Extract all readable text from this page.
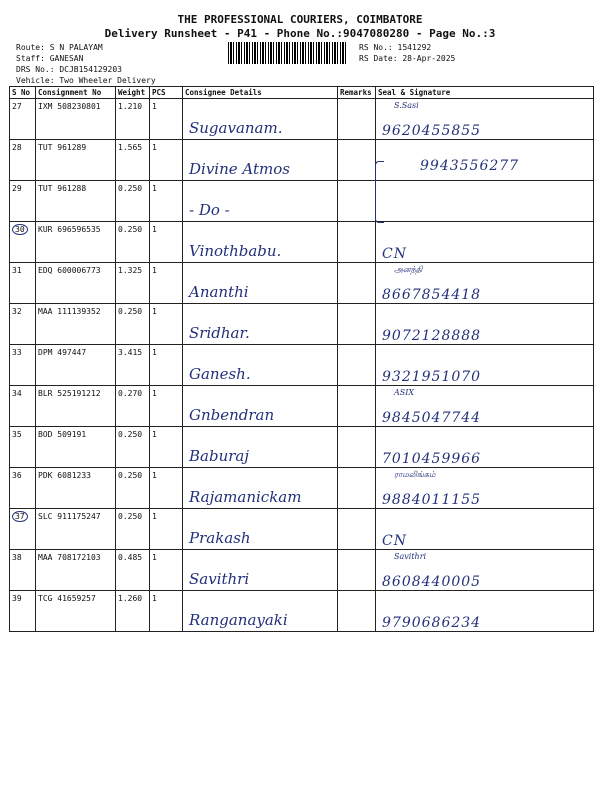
THE PROFESSIONAL COURIERS, COIMBATORE
Delivery Runsheet - P41 - Phone No.:9047080280 - Page No.:3
Route: S N PALAYAM
Staff: GANESAN
DRS No.: DCJB154129203
Vehicle: Two Wheeler Delivery
RS No.: 1541292
RS Date: 28-Apr-2025
S No	Consignment No	Weight	PCS	Consignee Details	Remarks	Seal & Signature
27	IXM 508230801	1.210	1	Sugavanam.		S.Sasi
9620455855

28	TUT 961289	1.565	1	Divine Atmos		9943556277

29	TUT 961288	0.250	1	- Do -		

30	KUR 696596535	0.250	1	Vinothbabu.		CN

31	EDQ 600006773	1.325	1	Ananthi		அனந்தி
8667854418

32	MAA 111139352	0.250	1	Sridhar.		9072128888

33	DPM 497447	3.415	1	Ganesh.		9321951070

34	BLR 525191212	0.270	1	Gnbendran		ASIX
9845047744

35	BOD 509191	0.250	1	Baburaj		7010459966

36	PDK 6081233	0.250	1	Rajamanickam		ராமலிங்கம்
9884011155

37	SLC 911175247	0.250	1	Prakash		CN

38	MAA 708172103	0.485	1	Savithri		Savithri
8608440005

39	TCG 41659257	1.260	1	Ranganayaki		9790686234
